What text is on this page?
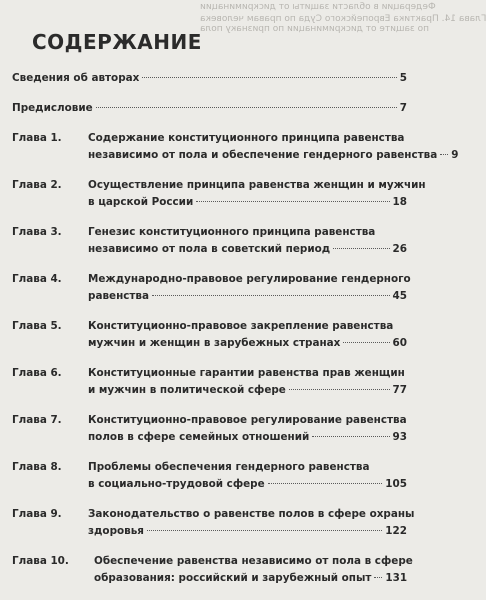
Федерации в области защиты от дискриминации
Глава 14. Практика Европейского Суда по правам человека
по защите от дискриминации по признаку пола
СОДЕРЖАНИЕ
Сведения об авторах	5
Предисловие	7
Глава 1.	Содержание конституционного принципа равенства
независимо от пола и обеспечение гендерного равенства 9
Глава 2.	Осуществление принципа равенства женщин и мужчин
в царской России	18
Глава 3.	Генезис конституционного принципа равенства
независимо от пола в советский период	26
Глава 4.	Международно-правовое регулирование гендерного
равенства	45
Глава 5.	Конституционно-правовое закрепление равенства
мужчин и женщин в зарубежных странах	60
Глава 6.	Конституционные гарантии равенства прав женщин
и мужчин в политической сфере	77
Глава 7.	Конституционно-правовое регулирование равенства
полов в сфере семейных отношений	93
Глава 8.	Проблемы обеспечения гендерного равенства
в социально-трудовой сфере	105
Глава 9.	Законодательство о равенстве полов в сфере охраны
здоровья	122
Глава 10.	Обеспечение равенства независимо от пола в сфере
образования: российский и зарубежный опыт 131
